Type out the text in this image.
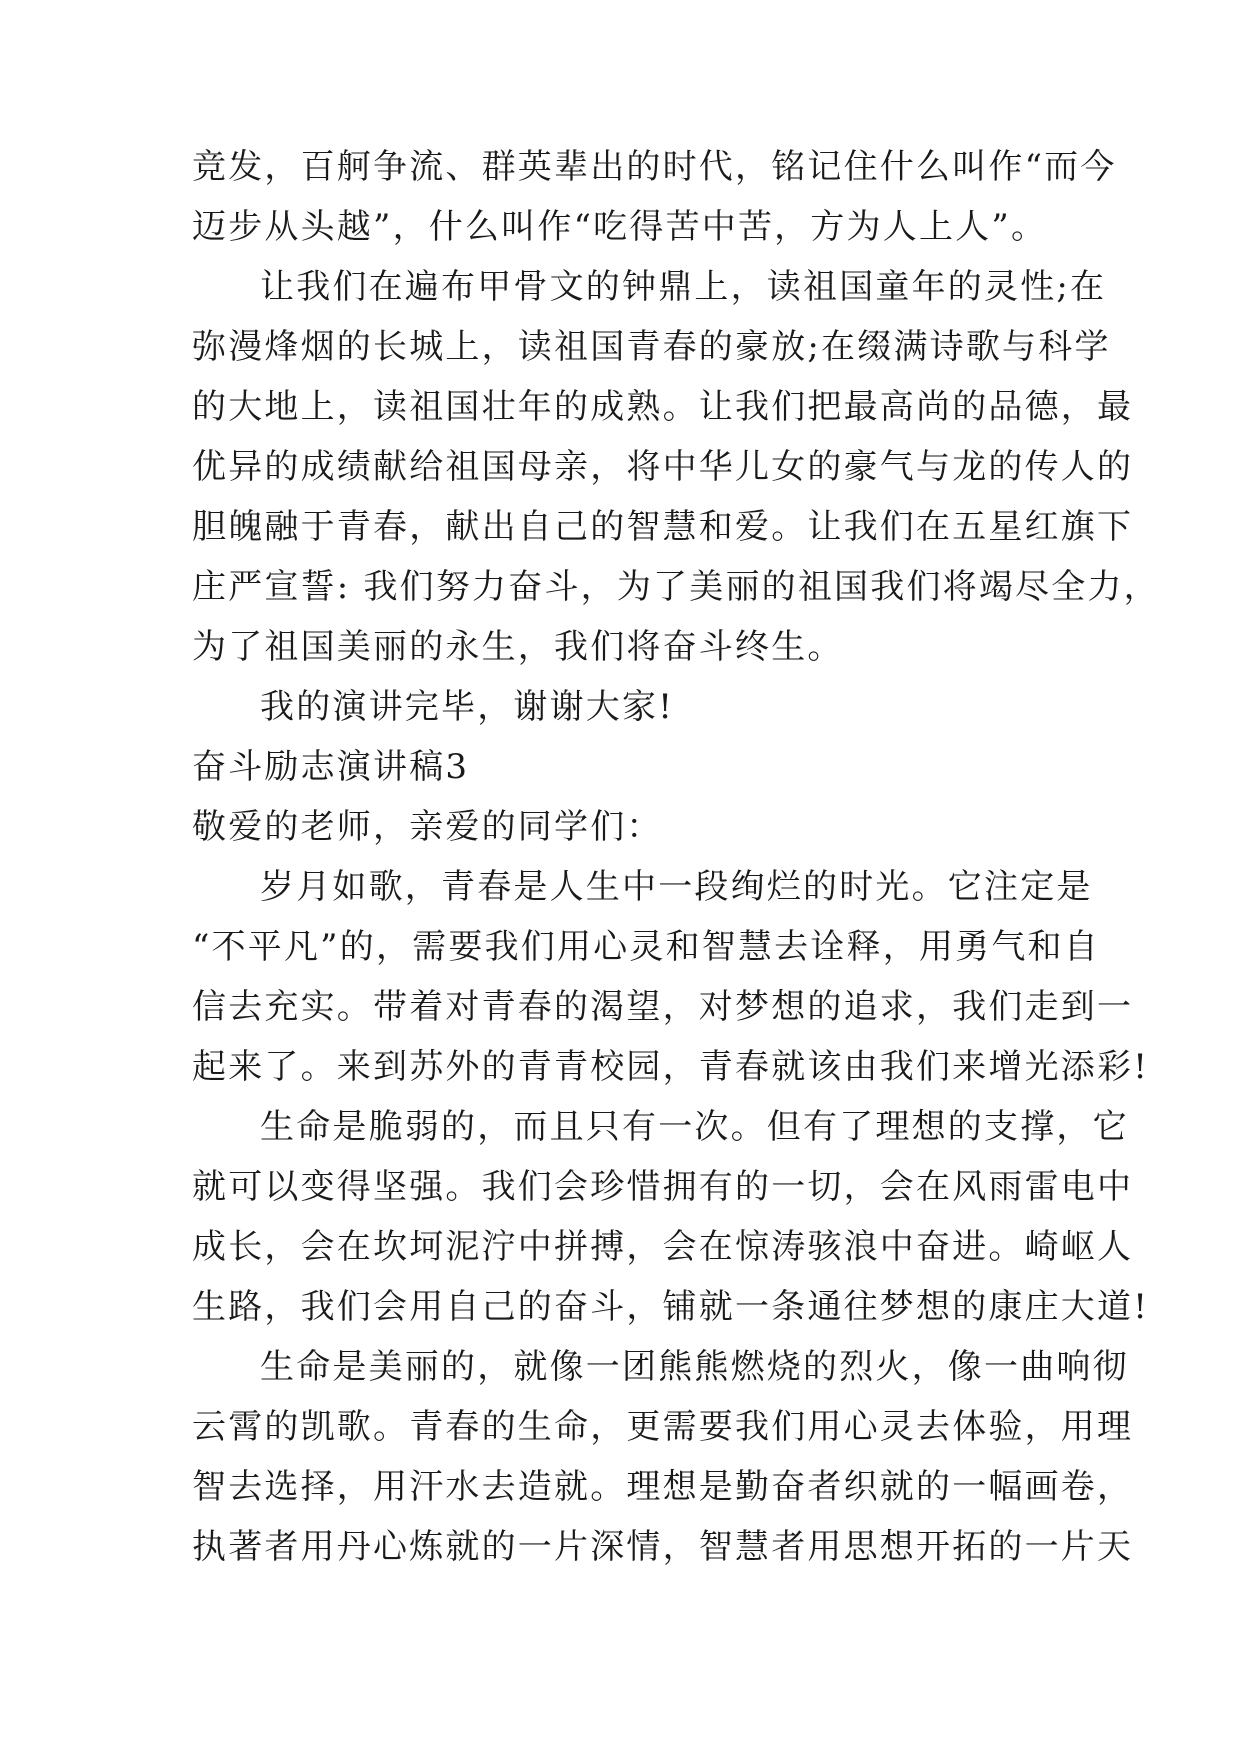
竞发，百舸争流、群英辈出的时代，铭记住什么叫作“而今
迈步从头越”，什么叫作“吃得苦中苦，方为人上人”。
让我们在遍布甲骨文的钟鼎上，读祖国童年的灵性;在
弥漫烽烟的长城上，读祖国青春的豪放;在缀满诗歌与科学
的大地上，读祖国壮年的成熟。让我们把最高尚的品德，最
优异的成绩献给祖国母亲，将中华儿女的豪气与龙的传人的
胆魄融于青春，献出自己的智慧和爱。让我们在五星红旗下
庄严宣誓: 我们努力奋斗，为了美丽的祖国我们将竭尽全力，
为了祖国美丽的永生，我们将奋斗终生。
我的演讲完毕，谢谢大家!
奋斗励志演讲稿3
敬爱的老师，亲爱的同学们：
岁月如歌，青春是人生中一段绚烂的时光。它注定是
“不平凡”的，需要我们用心灵和智慧去诠释，用勇气和自
信去充实。带着对青春的渴望，对梦想的追求，我们走到一
起来了。来到苏外的青青校园，青春就该由我们来增光添彩!
生命是脆弱的，而且只有一次。但有了理想的支撑，它
就可以变得坚强。我们会珍惜拥有的一切，会在风雨雷电中
成长，会在坎坷泥泞中拼搏，会在惊涛骇浪中奋进。崎岖人
生路，我们会用自己的奋斗，铺就一条通往梦想的康庄大道!
生命是美丽的，就像一团熊熊燃烧的烈火，像一曲响彻
云霄的凯歌。青春的生命，更需要我们用心灵去体验，用理
智去选择，用汗水去造就。理想是勤奋者织就的一幅画卷，
执著者用丹心炼就的一片深情，智慧者用思想开拓的一片天
